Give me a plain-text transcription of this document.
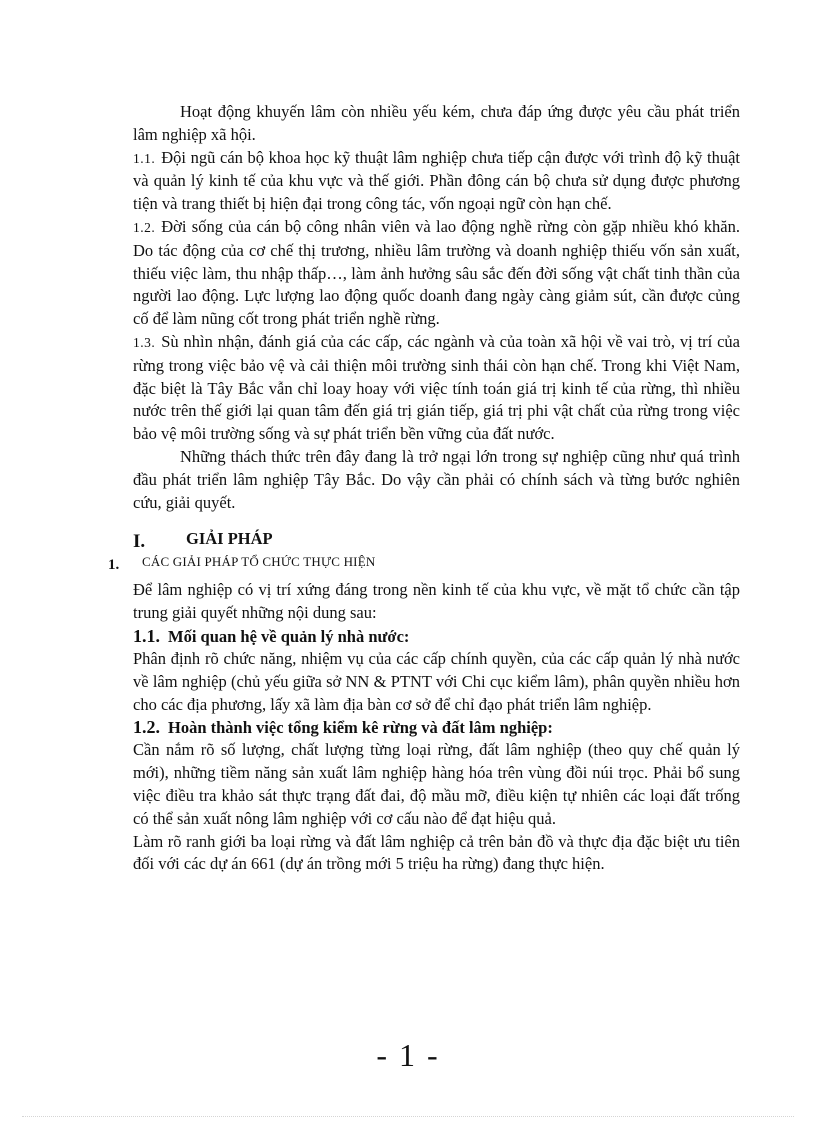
Hoạt động khuyến lâm còn nhiều yếu kém, chưa đáp ứng được yêu cầu phát triển lâm nghiệp xã hội.

1.1. Đội ngũ cán bộ khoa học kỹ thuật lâm nghiệp chưa tiếp cận được với trình độ kỹ thuật và quản lý kinh tế của khu vực và thế giới. Phần đông cán bộ chưa sử dụng được phương tiện và trang thiết bị hiện đại trong công tác, vốn ngoại ngữ còn hạn chế.

1.2. Đời sống của cán bộ công nhân viên và lao động nghề rừng còn gặp nhiều khó khăn. Do tác động của cơ chế thị trương, nhiều lâm trường và doanh nghiệp thiếu vốn sản xuất, thiếu việc làm, thu nhập thấp…, làm ảnh hưởng sâu sắc đến đời sống vật chất tinh thần của người lao động. Lực lượng lao động quốc doanh đang ngày càng giảm sút, cần được củng cố để làm nũng cốt trong phát triển nghề rừng.

1.3. Sù nhìn nhận, đánh giá của các cấp, các ngành và của toàn xã hội về vai trò, vị trí của rừng trong việc bảo vệ và cải thiện môi trường sinh thái còn hạn chế. Trong khi Việt Nam, đặc biệt là Tây Bắc vẫn chỉ loay hoay với việc tính toán giá trị kinh tế của rừng, thì nhiều nước trên thế giới lại quan tâm đến giá trị gián tiếp, giá trị phi vật chất của rừng trong việc bảo vệ môi trường sống và sự phát triển bền vững của đất nước.

Những thách thức trên đây đang là trở ngại lớn trong sự nghiệp cũng như quá trình đầu phát triển lâm nghiệp Tây Bắc. Do vậy cần phải có chính sách và từng bước nghiên cứu, giải quyết.

1.
I. GIẢI PHÁP
CÁC GIẢI PHÁP TỔ CHỨC THỰC HIỆN

Để lâm nghiệp có vị trí xứng đáng trong nền kinh tế của khu vực, về mặt tổ chức cần tập trung giải quyết những nội dung sau:

1.1. Mối quan hệ về quản lý nhà nước:

Phân định rõ chức năng, nhiệm vụ của các cấp chính quyền, của các cấp quản lý nhà nước về lâm nghiệp (chủ yếu giữa sở NN & PTNT với Chi cục kiểm lâm), phân quyền nhiều hơn cho các địa phương, lấy xã làm địa bàn cơ sở để chỉ đạo phát triển lâm nghiệp.

1.2. Hoàn thành việc tổng kiểm kê rừng và đất lâm nghiệp:

Cần nắm rõ số lượng, chất lượng từng loại rừng, đất lâm nghiệp (theo quy chế quản lý mới), những tiềm năng sản xuất lâm nghiệp hàng hóa trên vùng đồi núi trọc. Phải bổ sung việc điều tra khảo sát thực trạng đất đai, độ mầu mỡ, điều kiện tự nhiên các loại đất trống có thể sản xuất nông lâm nghiệp với cơ cấu nào để đạt hiệu quả.

Làm rõ ranh giới ba loại rừng và đất lâm nghiệp cả trên bản đồ và thực địa đặc biệt ưu tiên đối với các dự án 661 (dự án trồng mới 5 triệu ha rừng) đang thực hiện.

- 1 -
